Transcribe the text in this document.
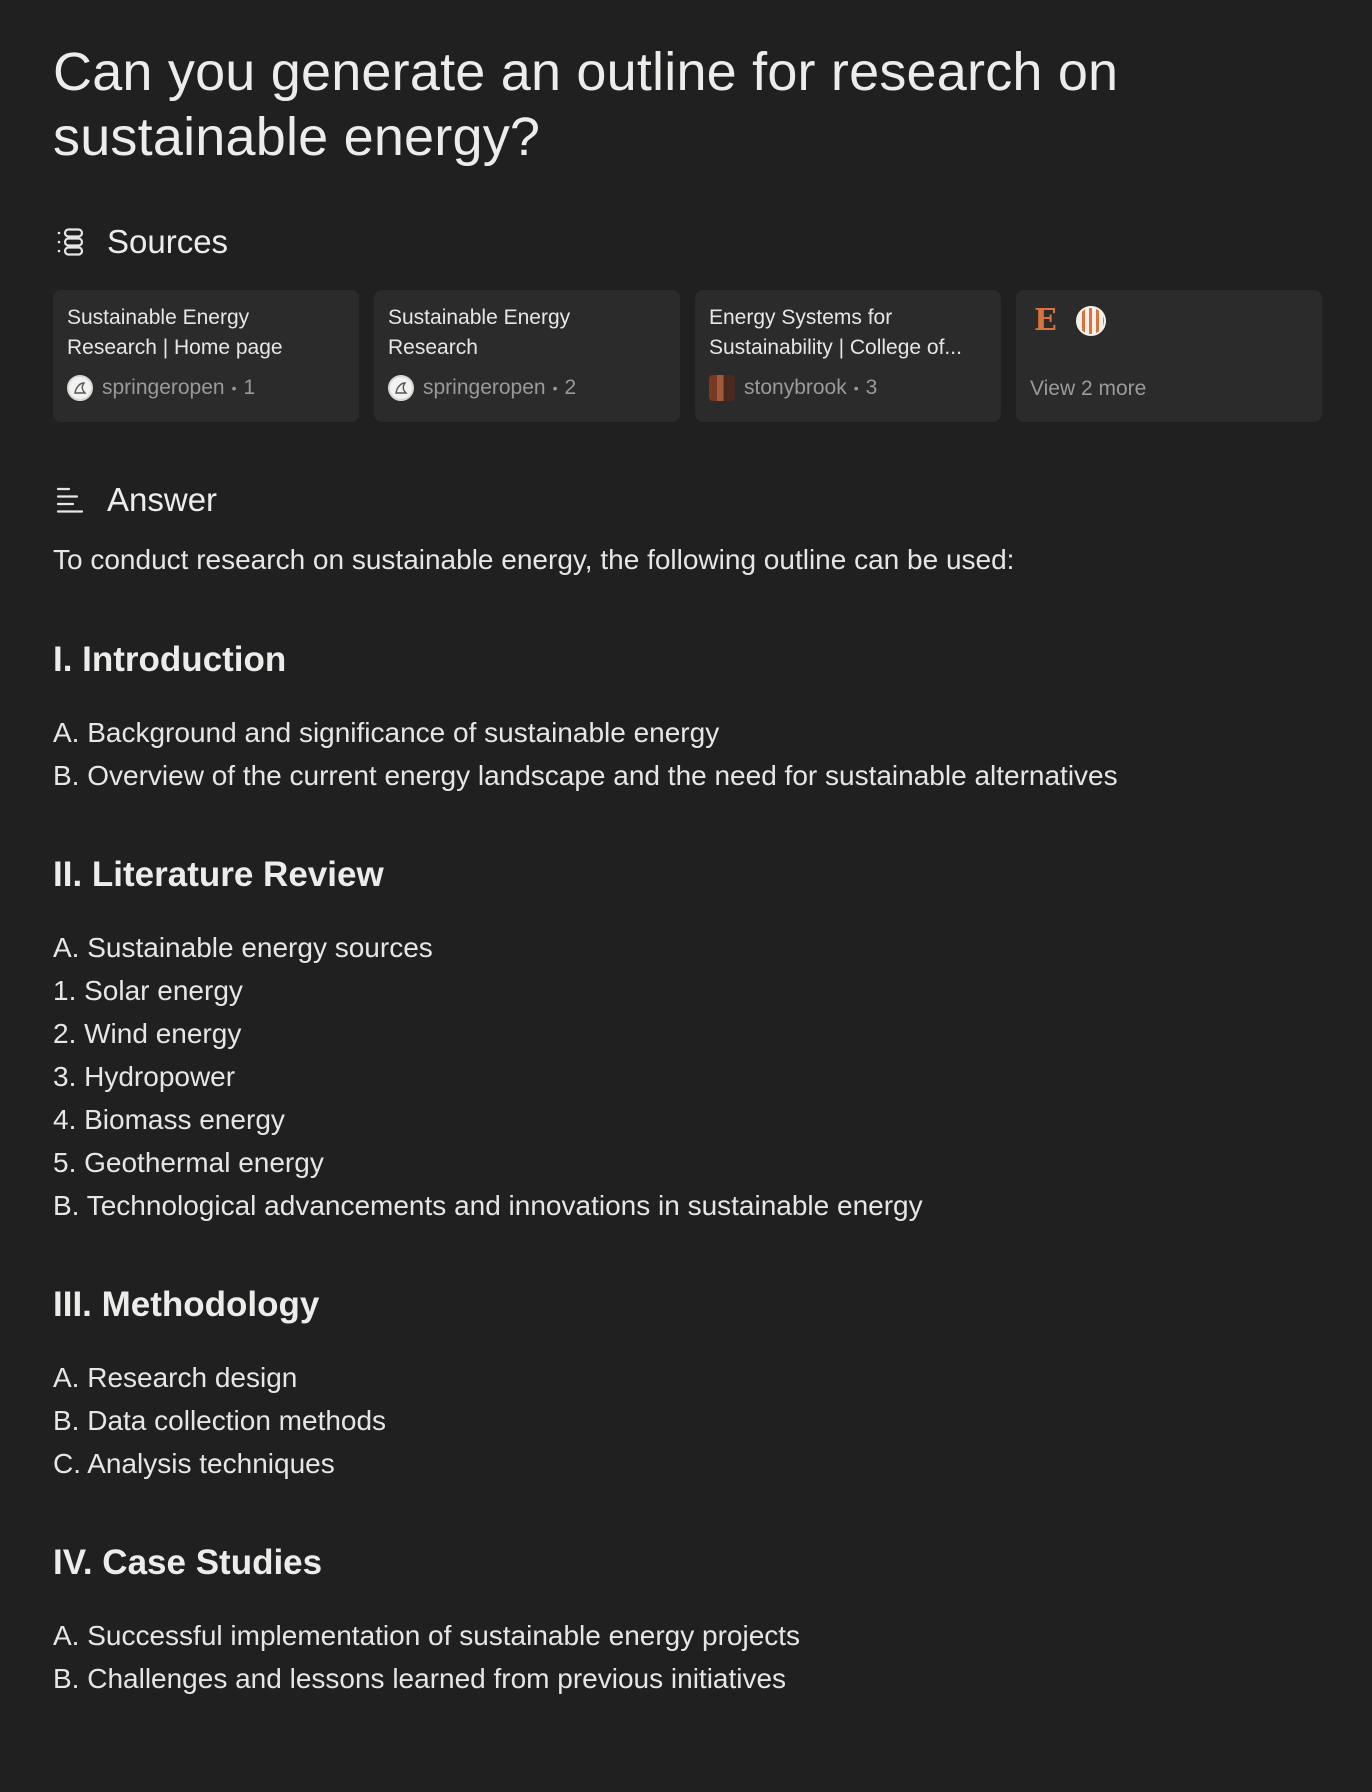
Can you generate an outline for research on sustainable energy?
Sources
Sustainable Energy
Research | Home page
springeropen • 1
Sustainable Energy
Research
springeropen • 2
Energy Systems for
Sustainability | College of...
stonybrook • 3
E
View 2 more
Answer
To conduct research on sustainable energy, the following outline can be used:
I. Introduction
A. Background and significance of sustainable energy
B. Overview of the current energy landscape and the need for sustainable alternatives
II. Literature Review
A. Sustainable energy sources
1. Solar energy
2. Wind energy
3. Hydropower
4. Biomass energy
5. Geothermal energy
B. Technological advancements and innovations in sustainable energy
III. Methodology
A. Research design
B. Data collection methods
C. Analysis techniques
IV. Case Studies
A. Successful implementation of sustainable energy projects
B. Challenges and lessons learned from previous initiatives
